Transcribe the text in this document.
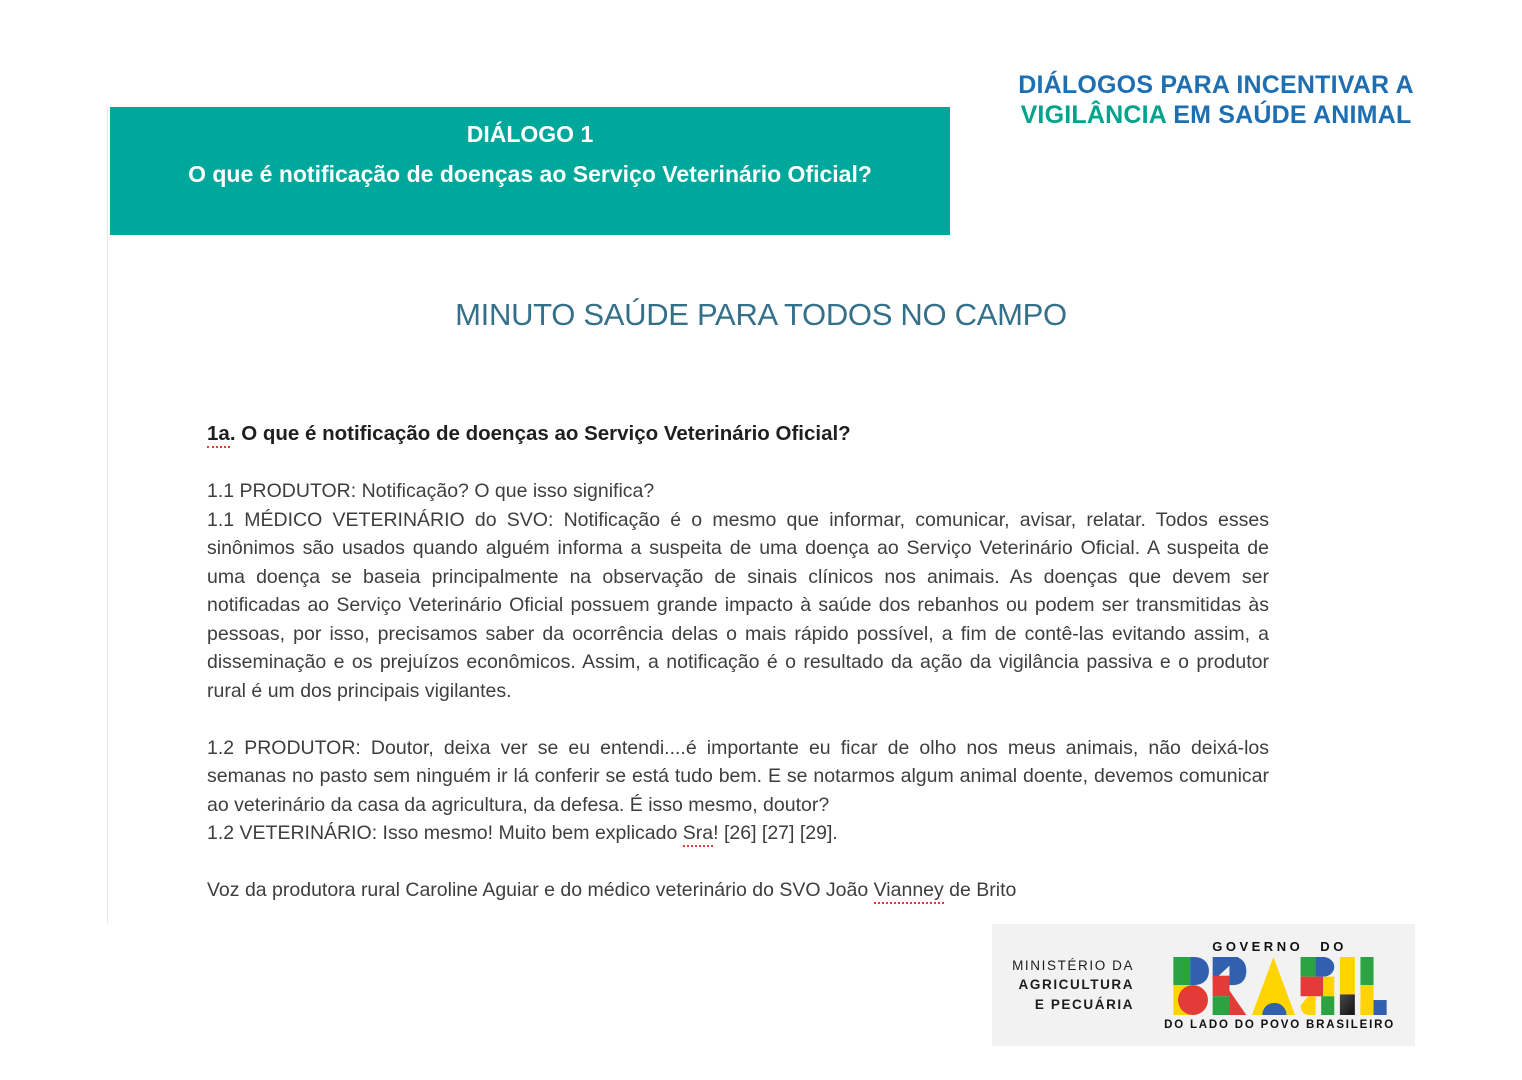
DIÁLOGOS PARA INCENTIVAR A
VIGILÂNCIA EM SAÚDE ANIMAL
DIÁLOGO 1
O que é notificação de doenças ao Serviço Veterinário Oficial?
MINUTO SAÚDE PARA TODOS NO CAMPO
1a. O que é notificação de doenças ao Serviço Veterinário Oficial?

1.1 PRODUTOR: Notificação? O que isso significa?

1.1 MÉDICO VETERINÁRIO do SVO: Notificação é o mesmo que informar, comunicar, avisar, relatar. Todos esses sinônimos são usados quando alguém informa a suspeita de uma doença ao Serviço Veterinário Oficial. A suspeita de uma doença se baseia principalmente na observação de sinais clínicos nos animais. As doenças que devem ser notificadas ao Serviço Veterinário Oficial possuem grande impacto à saúde dos rebanhos ou podem ser transmitidas às pessoas, por isso, precisamos saber da ocorrência delas o mais rápido possível, a fim de contê-las evitando assim, a disseminação e os prejuízos econômicos. Assim, a notificação é o resultado da ação da vigilância passiva e o produtor rural é um dos principais vigilantes.

1.2 PRODUTOR: Doutor, deixa ver se eu entendi....é importante eu ficar de olho nos meus animais, não deixá-los semanas no pasto sem ninguém ir lá conferir se está tudo bem. E se notarmos algum animal doente, devemos comunicar ao veterinário da casa da agricultura, da defesa. É isso mesmo, doutor?

1.2 VETERINÁRIO: Isso mesmo! Muito bem explicado Sra! [26] [27] [29].

Voz da produtora rural Caroline Aguiar e do médico veterinário do SVO João Vianney de Brito

MINISTÉRIO DA
AGRICULTURA
E PECUÁRIA
GOVERNO DO
DO LADO DO POVO BRASILEIRO
